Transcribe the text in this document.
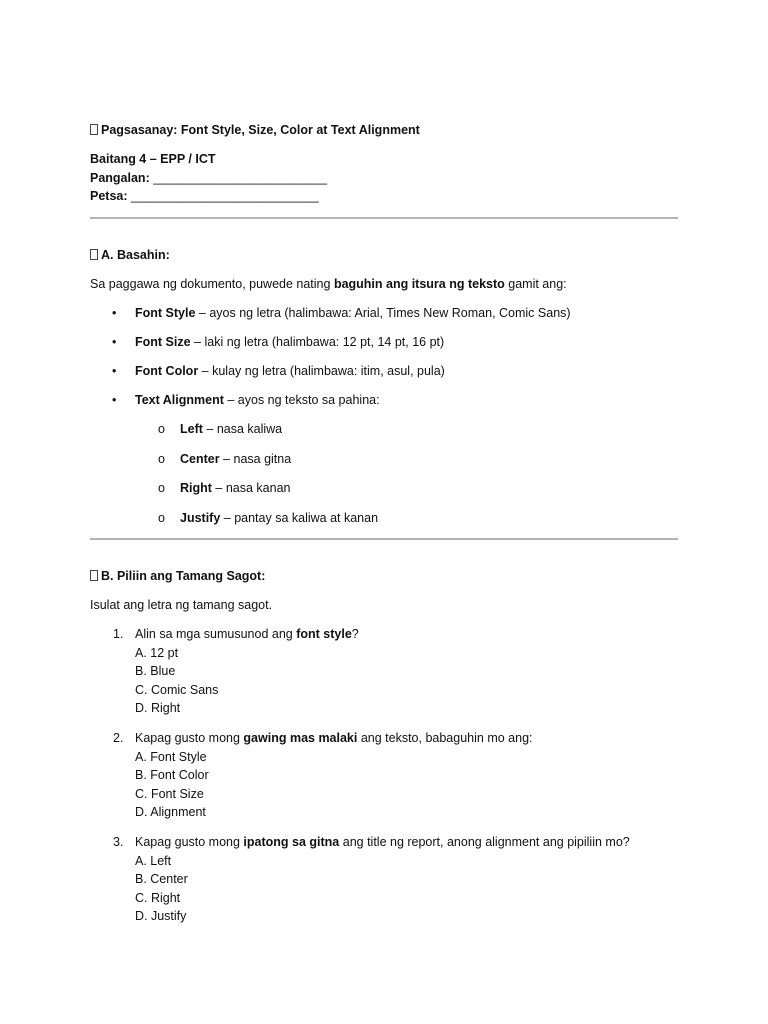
Pagsasanay: Font Style, Size, Color at Text Alignment

Baitang 4 – EPP / ICT

Pangalan: _________________________

Petsa: ___________________________

A. Basahin:

Sa paggawa ng dokumento, puwede nating baguhin ang itsura ng teksto gamit ang:

• Font Style – ayos ng letra (halimbawa: Arial, Times New Roman, Comic Sans)
• Font Size – laki ng letra (halimbawa: 12 pt, 14 pt, 16 pt)
• Font Color – kulay ng letra (halimbawa: itim, asul, pula)
• Text Alignment – ayos ng teksto sa pahina:
o Left – nasa kaliwa
o Center – nasa gitna
o Right – nasa kanan
o Justify – pantay sa kaliwa at kanan

B. Piliin ang Tamang Sagot:

Isulat ang letra ng tamang sagot.

1. Alin sa mga sumusunod ang font style?
A. 12 pt
B. Blue
C. Comic Sans
D. Right
2. Kapag gusto mong gawing mas malaki ang teksto, babaguhin mo ang:
A. Font Style
B. Font Color
C. Font Size
D. Alignment
3. Kapag gusto mong ipatong sa gitna ang title ng report, anong alignment ang pipiliin mo?
A. Left
B. Center
C. Right
D. Justify
